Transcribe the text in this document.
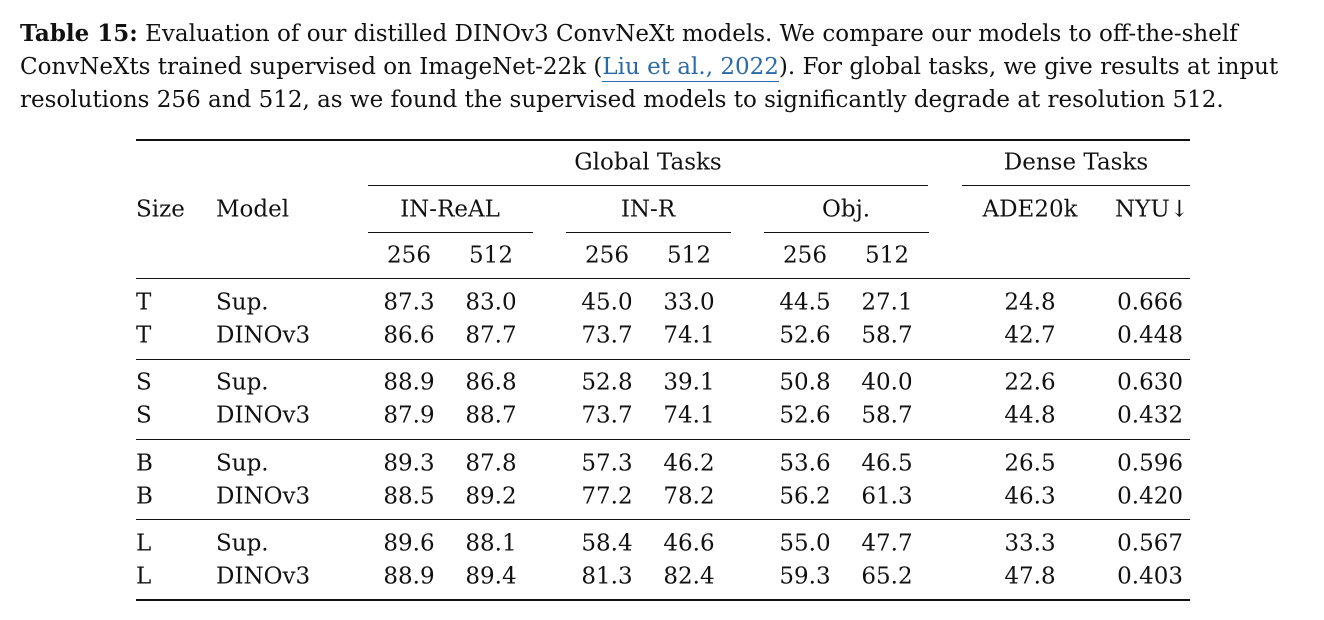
Table 15: Evaluation of our distilled DINOv3 ConvNeXt models. We compare our models to off-the-shelf ConvNeXts trained supervised on ImageNet-22k (Liu et al., 2022). For global tasks, we give results at input resolutions 256 and 512, as we found the supervised models to significantly degrade at resolution 512.

Global Tasks	Dense Tasks
Size Model	IN-ReAL	IN-R	Obj.	ADE20k NYU↓
256 512	256 512	256 512
T	Sup.	87.3 83.0	45.0 33.0	44.5 27.1	24.8	0.666
T	DINOv3	86.6 87.7	73.7 74.1	52.6 58.7	42.7	0.448
S	Sup.	88.9 86.8	52.8 39.1	50.8 40.0	22.6	0.630
S	DINOv3	87.9 88.7	73.7 74.1	52.6 58.7	44.8	0.432
B	Sup.	89.3 87.8	57.3 46.2	53.6 46.5	26.5	0.596
B	DINOv3	88.5 89.2	77.2 78.2	56.2 61.3	46.3	0.420
L	Sup.	89.6 88.1	58.4 46.6	55.0 47.7	33.3	0.567
L	DINOv3	88.9 89.4	81.3 82.4	59.3 65.2	47.8	0.403
